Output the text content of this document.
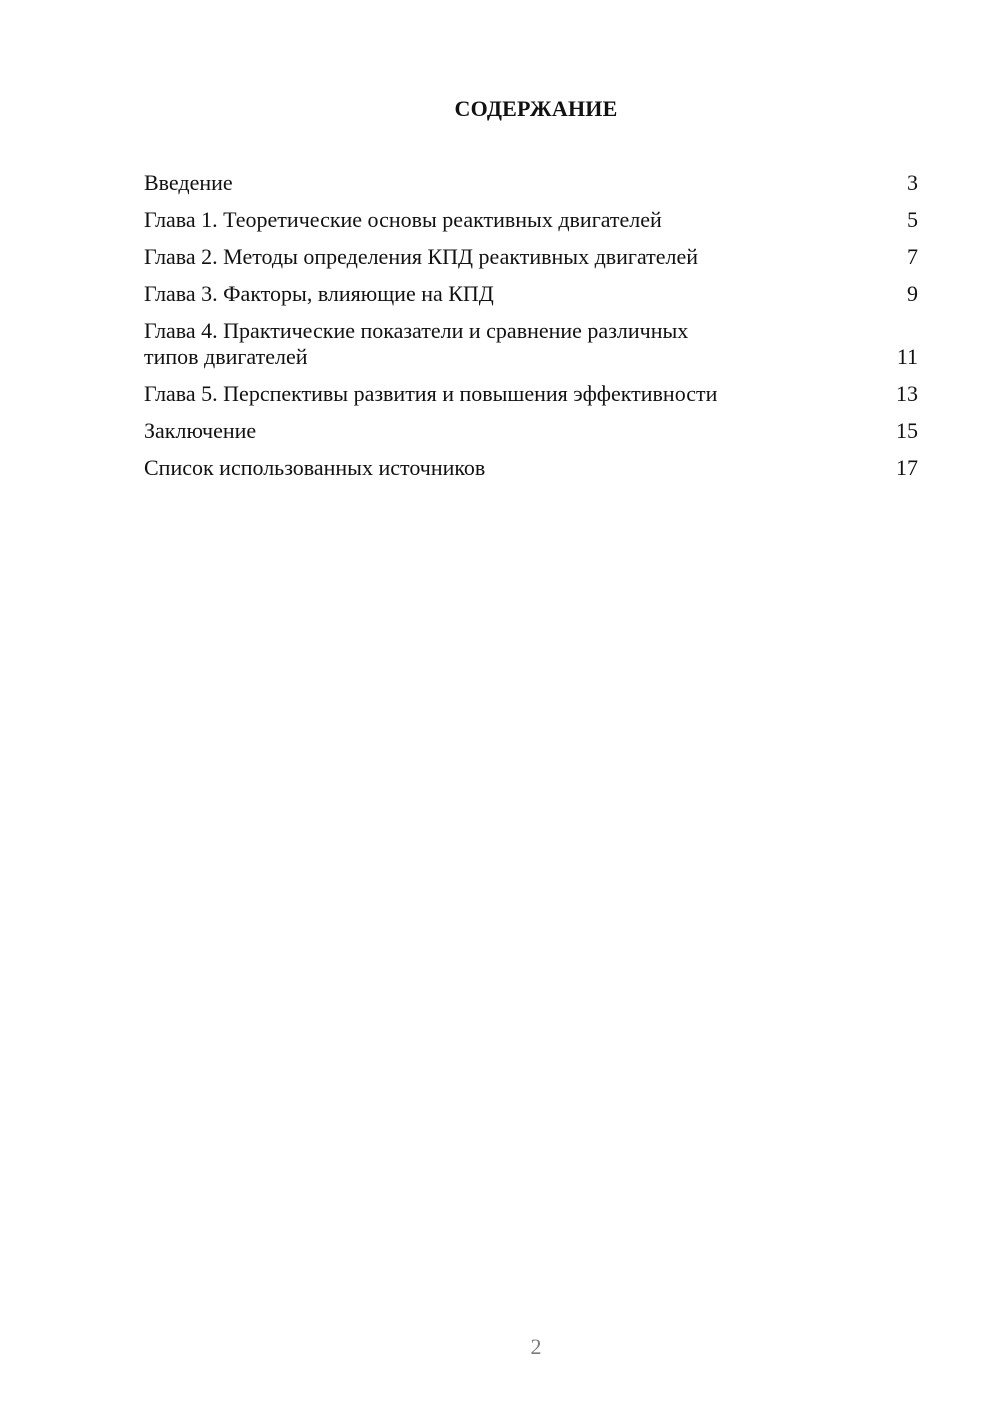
СОДЕРЖАНИЕ
Введение	3
Глава 1. Теоретические основы реактивных двигателей	5
Глава 2. Методы определения КПД реактивных двигателей	7
Глава 3. Факторы, влияющие на КПД	9
Глава 4. Практические показатели и сравнение различных
типов двигателей	11
Глава 5. Перспективы развития и повышения эффективности	13
Заключение	15
Список использованных источников	17
2
